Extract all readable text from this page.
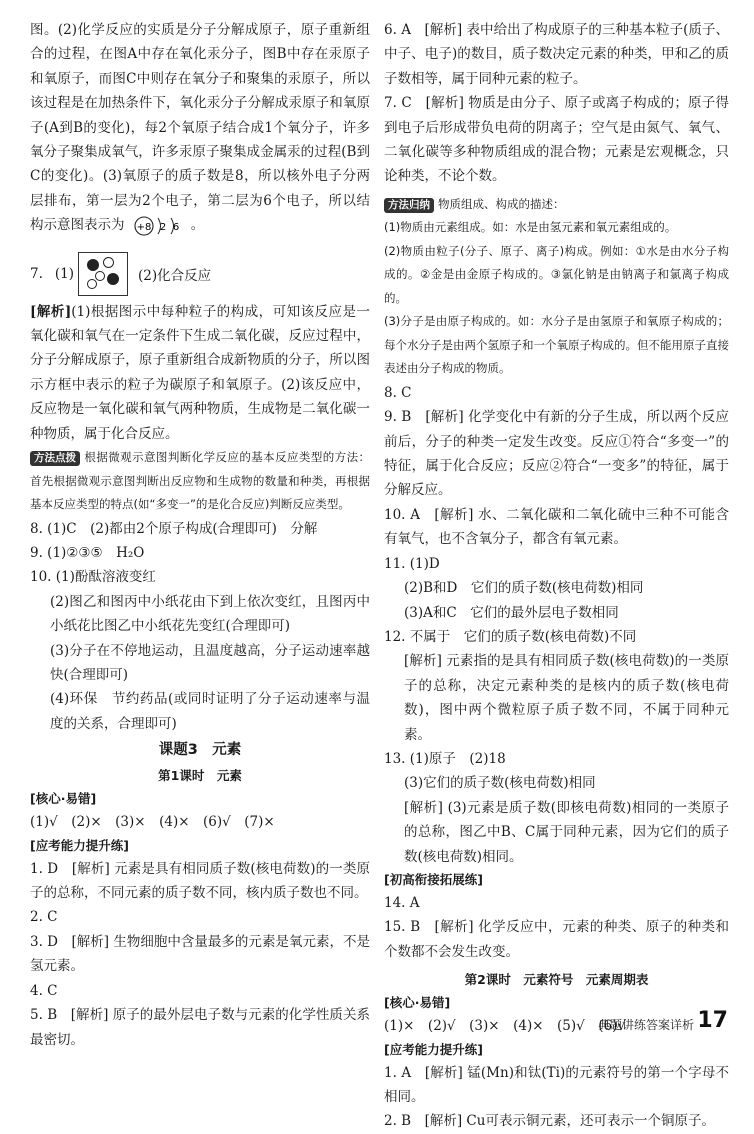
图。(2)化学反应的实质是分子分解成原子，原子重新组合的过程，在图A中存在氧化汞分子，图B中存在汞原子和氧原子，而图C中则存在氧分子和聚集的汞原子，所以该过程是在加热条件下，氧化汞分子分解成汞原子和氧原子(A到B的变化)，每2个氧原子结合成1个氧分子，许多氧分子聚集成氧气，许多汞原子聚集成金属汞的过程(B到C的变化)。(3)氧原子的质子数是8，所以核外电子分两层排布，第一层为2个电子，第二层为6个电子，所以结构示意图表示为 +8 2 6 。

7. (1)	(2)化合反应

[解析](1)根据图示中每种粒子的构成，可知该反应是一氧化碳和氧气在一定条件下生成二氧化碳，反应过程中，分子分解成原子，原子重新组合成新物质的分子，所以图示方框中表示的粒子为碳原子和氧原子。(2)该反应中，反应物是一氧化碳和氧气两种物质，生成物是二氧化碳一种物质，属于化合反应。

方法点拨 根据微观示意图判断化学反应的基本反应类型的方法：首先根据微观示意图判断出反应物和生成物的数量和种类，再根据基本反应类型的特点(如“多变一”的是化合反应)判断反应类型。

8. (1)C　(2)都由2个原子构成(合理即可)　分解

9. (1)②③⑤　H₂O

10. (1)酚酞溶液变红

(2)图乙和图丙中小纸花由下到上依次变红，且图丙中小纸花比图乙中小纸花先变红(合理即可)

(3)分子在不停地运动，且温度越高，分子运动速率越快(合理即可)

(4)环保　节约药品(或同时证明了分子运动速率与温度的关系，合理即可)

课题3　元素
第1课时　元素
[核心·易错]

(1)√　(2)×　(3)×　(4)×　(6)√　(7)×

[应考能力提升练]

1. D　[解析] 元素是具有相同质子数(核电荷数)的一类原子的总称，不同元素的质子数不同，核内质子数也不同。

2. C

3. D　[解析] 生物细胞中含量最多的元素是氧元素，不是氢元素。

4. C

5. B　[解析] 原子的最外层电子数与元素的化学性质关系最密切。

6. A　[解析] 表中给出了构成原子的三种基本粒子(质子、中子、电子)的数目，质子数决定元素的种类，甲和乙的质子数相等，属于同种元素的粒子。

7. C　[解析] 物质是由分子、原子或离子构成的；原子得到电子后形成带负电荷的阴离子；空气是由氮气、氧气、二氧化碳等多种物质组成的混合物；元素是宏观概念，只论种类，不论个数。

方法归纳 物质组成、构成的描述：

(1)物质由元素组成。如：水是由氢元素和氧元素组成的。

(2)物质由粒子(分子、原子、离子)构成。例如：①水是由水分子构成的。②金是由金原子构成的。③氯化钠是由钠离子和氯离子构成的。

(3)分子是由原子构成的。如：水分子是由氢原子和氧原子构成的；每个水分子是由两个氢原子和一个氧原子构成的。但不能用原子直接表述由分子构成的物质。

8. C

9. B　[解析] 化学变化中有新的分子生成，所以两个反应前后，分子的种类一定发生改变。反应①符合“多变一”的特征，属于化合反应；反应②符合“一变多”的特征，属于分解反应。

10. A　[解析] 水、二氧化碳和二氧化硫中三种不可能含有氧气，也不含氧分子，都含有氧元素。

11. (1)D

(2)B和D　它们的质子数(核电荷数)相同

(3)A和C　它们的最外层电子数相同

12. 不属于　它们的质子数(核电荷数)不同

[解析] 元素指的是具有相同质子数(核电荷数)的一类原子的总称，决定元素种类的是核内的质子数(核电荷数)，图中两个微粒原子质子数不同，不属于同种元素。

13. (1)原子　(2)18

(3)它们的质子数(核电荷数)相同

[解析] (3)元素是质子数(即核电荷数)相同的一类原子的总称，图乙中B、C属于同种元素，因为它们的质子数(核电荷数)相同。

[初高衔接拓展练]

14. A

15. B　[解析] 化学反应中，元素的种类、原子的种类和个数都不会发生改变。

第2课时　元素符号　元素周期表
[核心·易错]

(1)×　(2)√　(3)×　(4)×　(5)√　(6)√

[应考能力提升练]

1. A　[解析] 锰(Mn)和钛(Ti)的元素符号的第一个字母不相同。

2. B　[解析] Cu可表示铜元素，还可表示一个铜原子。

典题讲练答案详析 17
